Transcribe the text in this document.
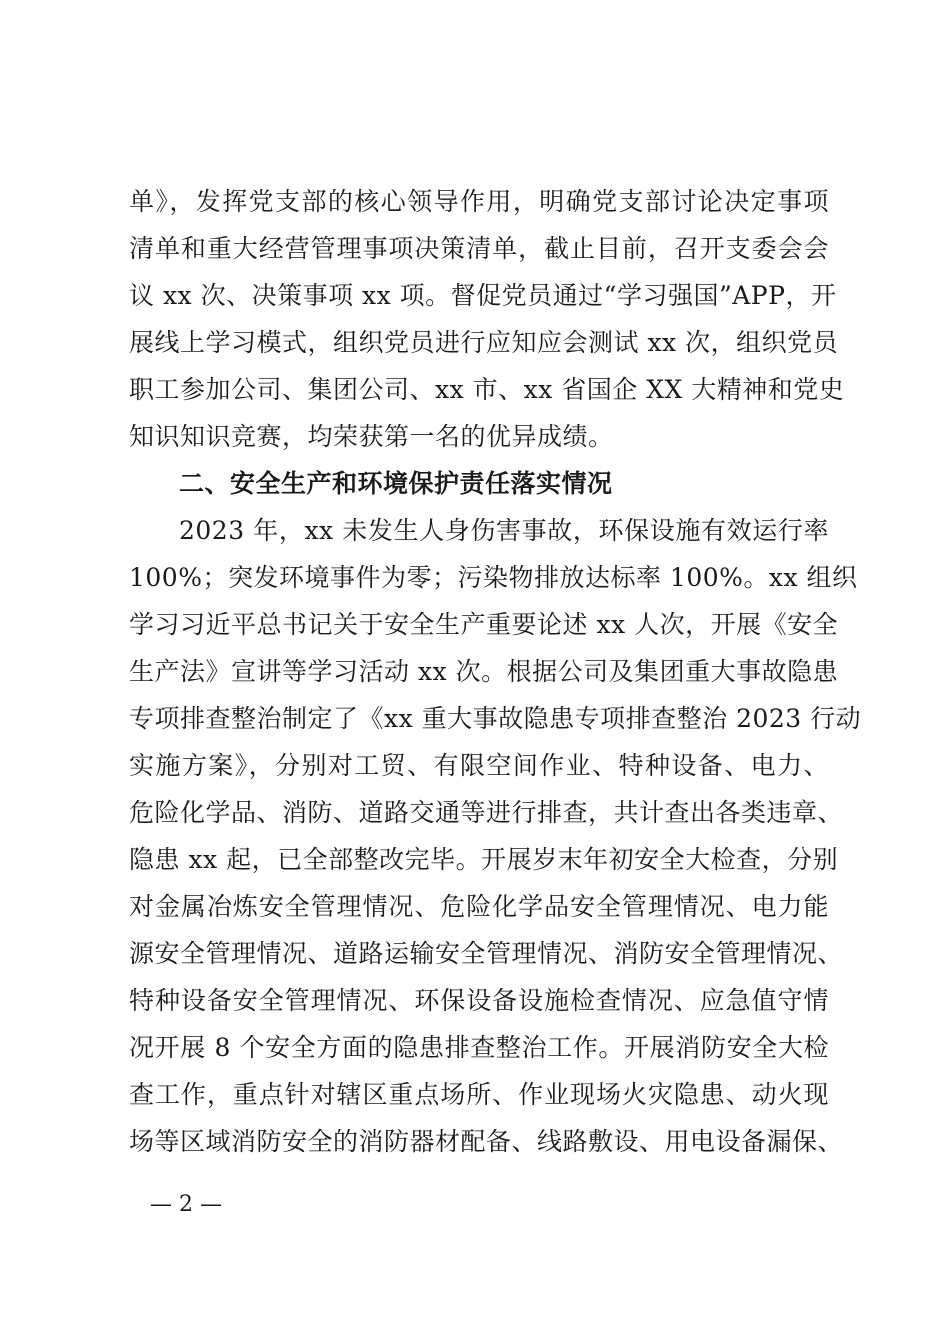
单》，发挥党支部的核心领导作用，明确党支部讨论决定事项
清单和重大经营管理事项决策清单，截止目前，召开支委会会
议 xx 次、决策事项 xx 项。督促党员通过“学习强国”APP，开
展线上学习模式，组织党员进行应知应会测试 xx 次，组织党员
职工参加公司、集团公司、xx 市、xx 省国企 XX 大精神和党史
知识知识竞赛，均荣获第一名的优异成绩。
二、安全生产和环境保护责任落实情况
2023 年，xx 未发生人身伤害事故，环保设施有效运行率
100%；突发环境事件为零；污染物排放达标率 100%。xx 组织
学习习近平总书记关于安全生产重要论述 xx 人次，开展《安全
生产法》宣讲等学习活动 xx 次。根据公司及集团重大事故隐患
专项排查整治制定了《xx 重大事故隐患专项排查整治 2023 行动
实施方案》，分别对工贸、有限空间作业、特种设备、电力、
危险化学品、消防、道路交通等进行排查，共计查出各类违章、
隐患 xx 起，已全部整改完毕。开展岁末年初安全大检查，分别
对金属冶炼安全管理情况、危险化学品安全管理情况、电力能
源安全管理情况、道路运输安全管理情况、消防安全管理情况、
特种设备安全管理情况、环保设备设施检查情况、应急值守情
况开展 8 个安全方面的隐患排查整治工作。开展消防安全大检
查工作，重点针对辖区重点场所、作业现场火灾隐患、动火现
场等区域消防安全的消防器材配备、线路敷设、用电设备漏保、
— 2 —
